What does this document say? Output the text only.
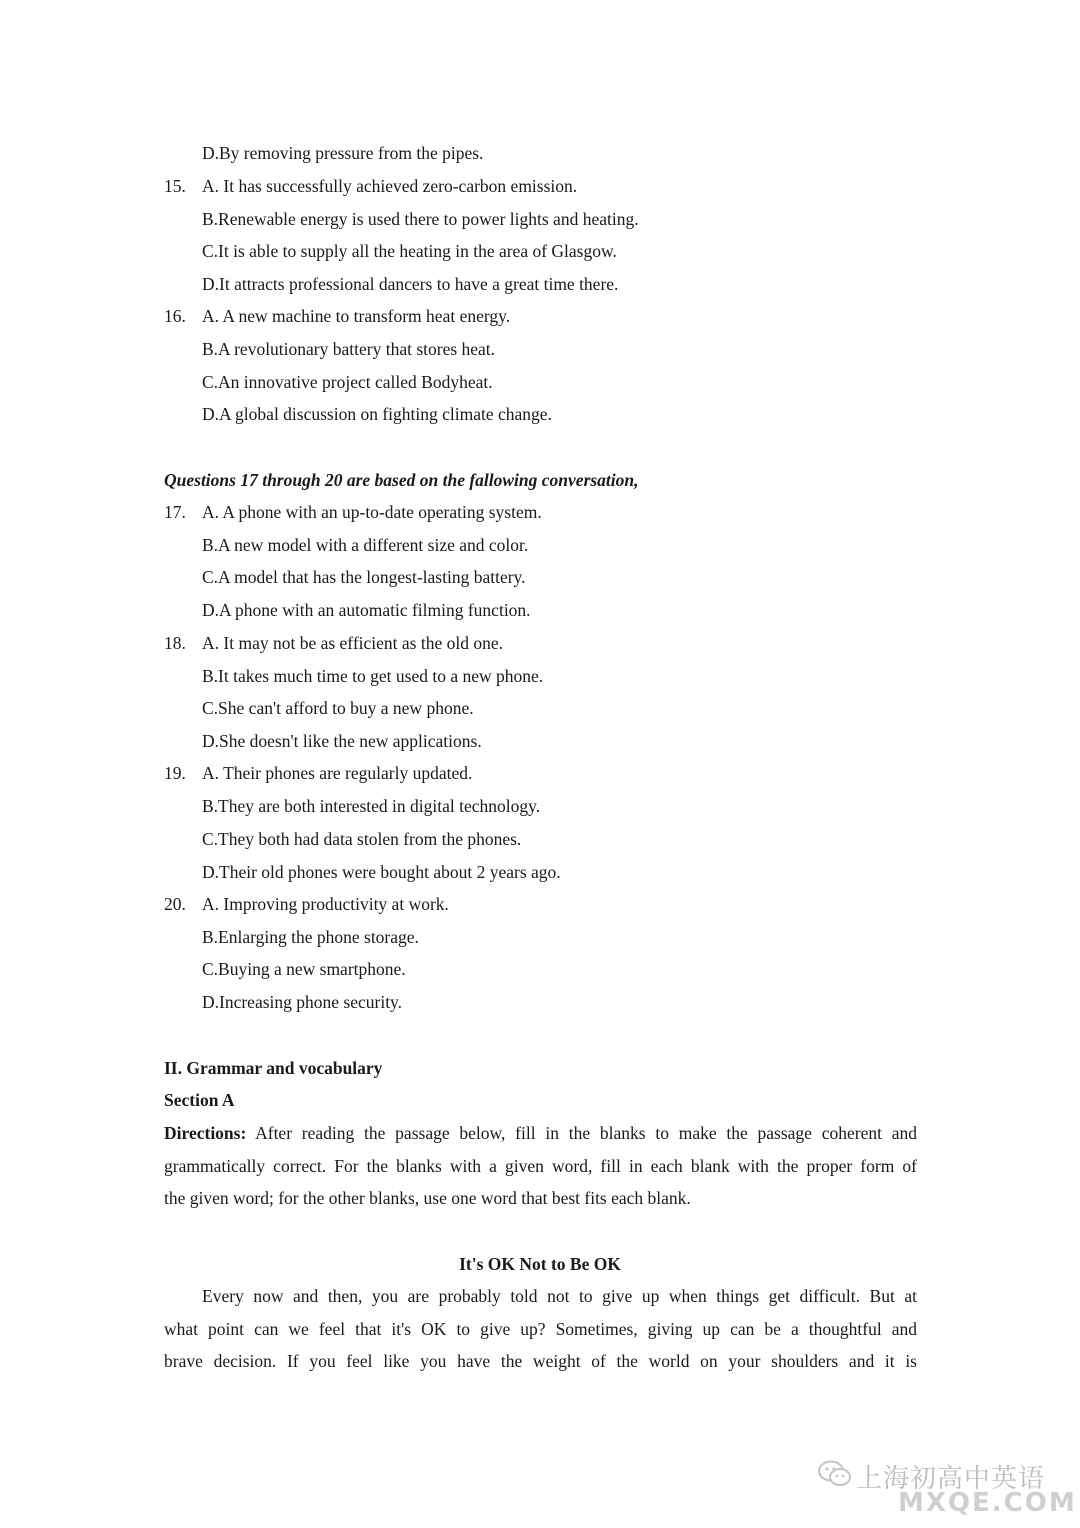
D.By removing pressure from the pipes.
15. A. It has successfully achieved zero-carbon emission.
B.Renewable energy is used there to power lights and heating.
C.It is able to supply all the heating in the area of Glasgow.
D.It attracts professional dancers to have a great time there.
16. A. A new machine to transform heat energy.
B.A revolutionary battery that stores heat.
C.An innovative project called Bodyheat.
D.A global discussion on fighting climate change.
Questions 17 through 20 are based on the fallowing conversation,
17. A. A phone with an up-to-date operating system.
B.A new model with a different size and color.
C.A model that has the longest-lasting battery.
D.A phone with an automatic filming function.
18. A. It may not be as efficient as the old one.
B.It takes much time to get used to a new phone.
C.She can't afford to buy a new phone.
D.She doesn't like the new applications.
19. A. Their phones are regularly updated.
B.They are both interested in digital technology.
C.They both had data stolen from the phones.
D.Their old phones were bought about 2 years ago.
20. A. Improving productivity at work.
B.Enlarging the phone storage.
C.Buying a new smartphone.
D.Increasing phone security.
II. Grammar and vocabulary
Section A
Directions: After reading the passage below, fill in the blanks to make the passage coherent and
grammatically correct. For the blanks with a given word, fill in each blank with the proper form of
the given word; for the other blanks, use one word that best fits each blank.
It's OK Not to Be OK
Every now and then, you are probably told not to give up when things get difficult. But at
what point can we feel that it's OK to give up? Sometimes, giving up can be a thoughtful and
brave decision. If you feel like you have the weight of the world on your shoulders and it is
上海初高中英语
MXQE.COM
